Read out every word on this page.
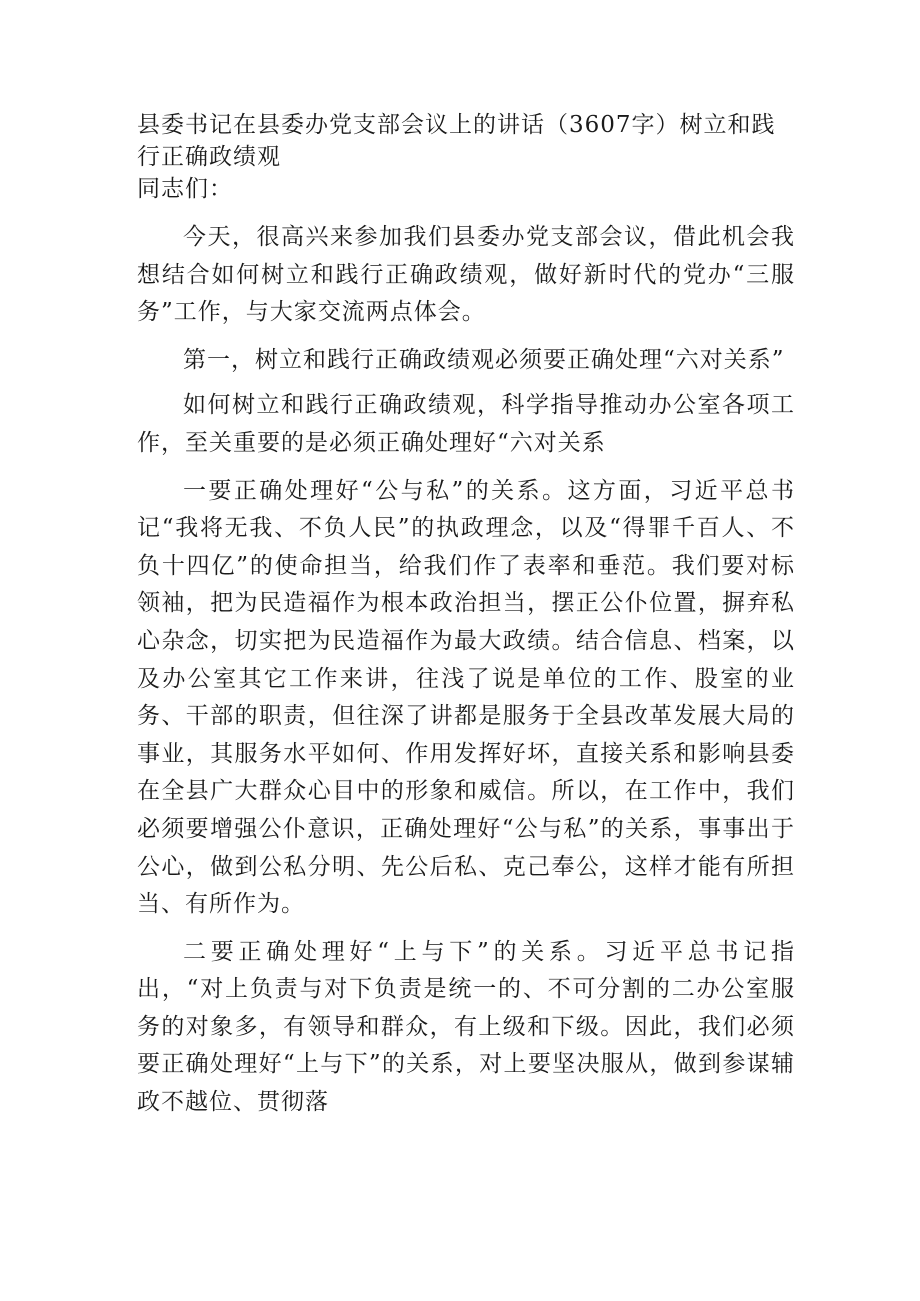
县委书记在县委办党支部会议上的讲话（3607字）树立和践行正确政绩观

同志们：

今天，很高兴来参加我们县委办党支部会议，借此机会我想结合如何树立和践行正确政绩观，做好新时代的党办“三服务”工作，与大家交流两点体会。

第一，树立和践行正确政绩观必须要正确处理“六对关系”

如何树立和践行正确政绩观，科学指导推动办公室各项工作，至关重要的是必须正确处理好“六对关系

一要正确处理好“公与私”的关系。这方面，习近平总书记“我将无我、不负人民”的执政理念，以及“得罪千百人、不负十四亿”的使命担当，给我们作了表率和垂范。我们要对标领袖，把为民造福作为根本政治担当，摆正公仆位置，摒弃私心杂念，切实把为民造福作为最大政绩。结合信息、档案，以及办公室其它工作来讲，往浅了说是单位的工作、股室的业务、干部的职责，但往深了讲都是服务于全县改革发展大局的事业，其服务水平如何、作用发挥好坏，直接关系和影响县委在全县广大群众心目中的形象和威信。所以，在工作中，我们必须要增强公仆意识，正确处理好“公与私”的关系，事事出于公心，做到公私分明、先公后私、克己奉公，这样才能有所担当、有所作为。

二要正确处理好“上与下”的关系。习近平总书记指出，“对上负责与对下负责是统一的、不可分割的二办公室服务的对象多，有领导和群众，有上级和下级。因此，我们必须要正确处理好“上与下”的关系，对上要坚决服从，做到参谋辅政不越位、贯彻落
